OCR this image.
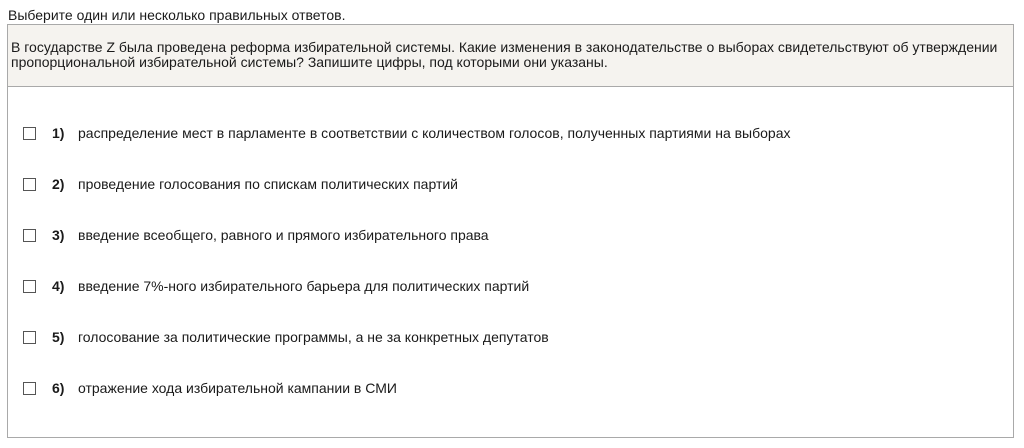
Выберите один или несколько правильных ответов.
В государстве Z была проведена реформа избирательной системы. Какие изменения в законодательстве о выборах свидетельствуют об утверждении пропорциональной избирательной системы? Запишите цифры, под которыми они указаны.
1) распределение мест в парламенте в соответствии с количеством голосов, полученных партиями на выборах
2) проведение голосования по спискам политических партий
3) введение всеобщего, равного и прямого избирательного права
4) введение 7%-ного избирательного барьера для политических партий
5) голосование за политические программы, а не за конкретных депутатов
6) отражение хода избирательной кампании в СМИ
